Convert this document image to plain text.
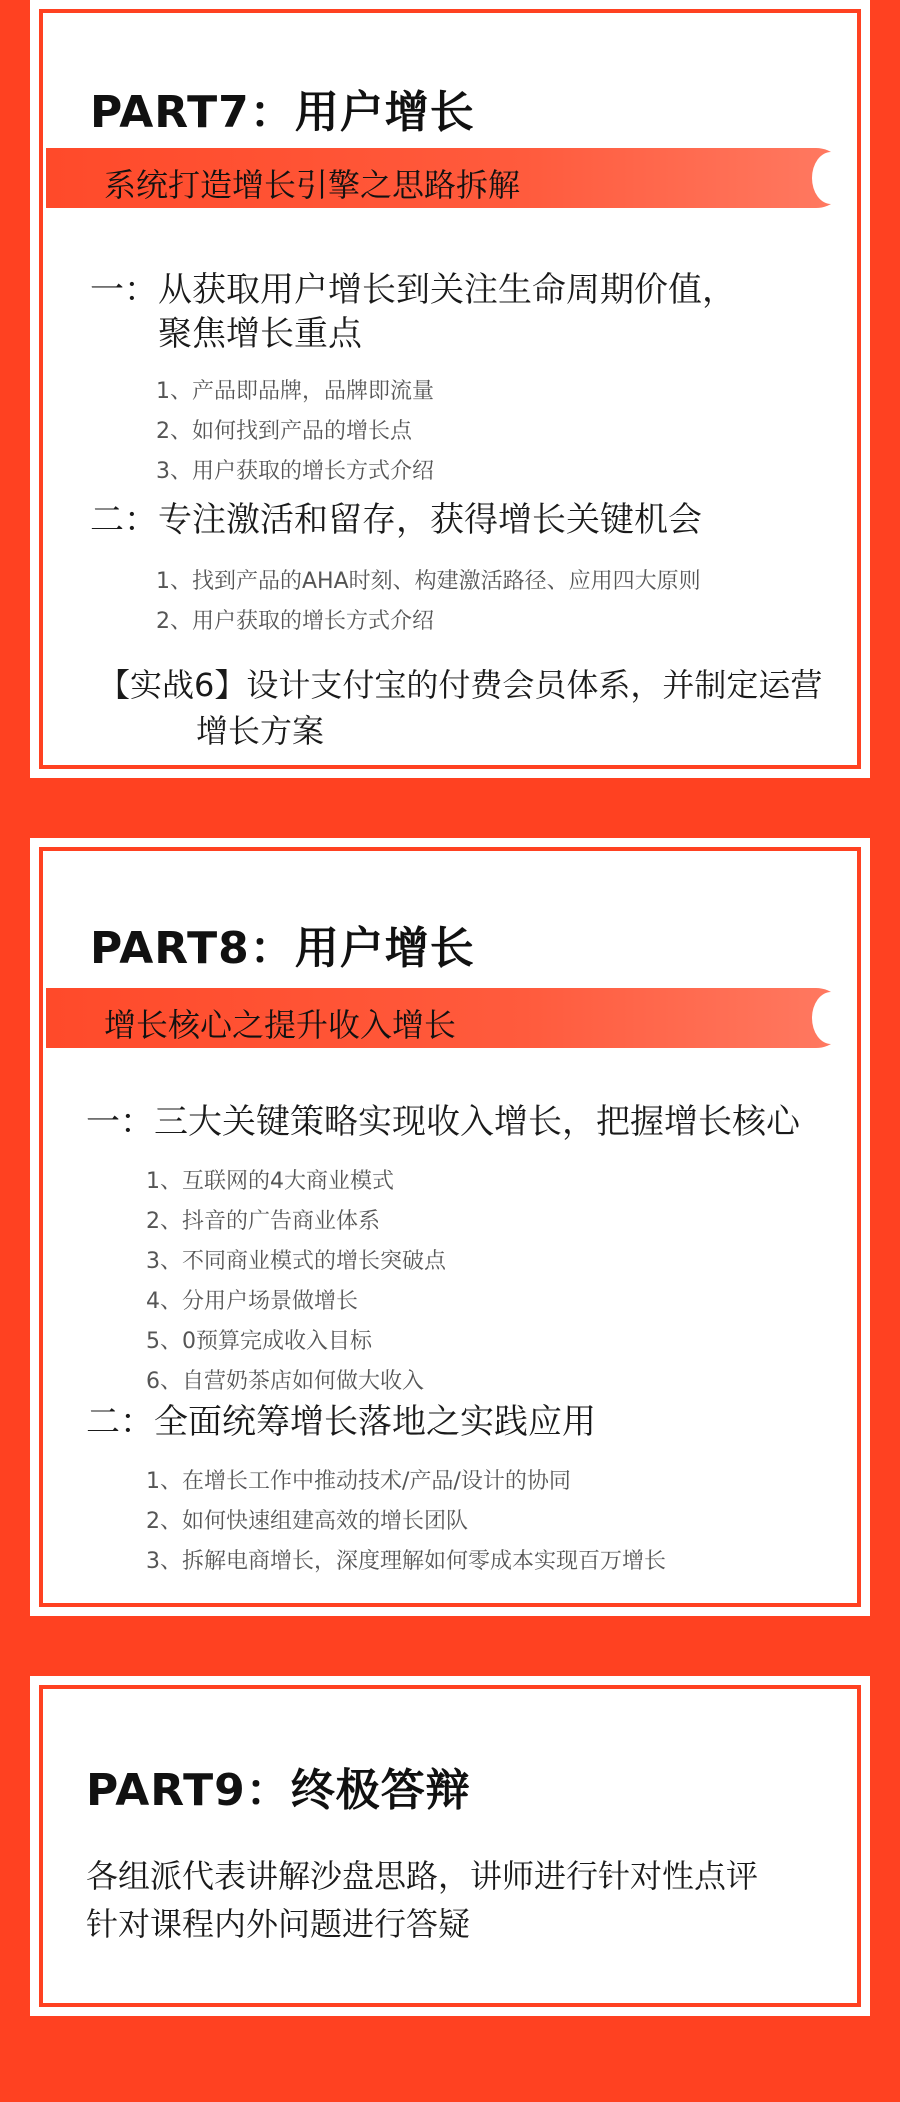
PART7：用户增长
系统打造增长引擎之思路拆解

一：从获取用户增长到关注生命周期价值，

聚焦增长重点

1、产品即品牌，品牌即流量

2、如何找到产品的增长点

3、用户获取的增长方式介绍

二：专注激活和留存，获得增长关键机会

1、找到产品的AHA时刻、构建激活路径、应用四大原则

2、用户获取的增长方式介绍

【实战6】设计支付宝的付费会员体系，并制定运营

增长方案

PART8：用户增长
增长核心之提升收入增长

一：三大关键策略实现收入增长，把握增长核心

1、互联网的4大商业模式

2、抖音的广告商业体系

3、不同商业模式的增长突破点

4、分用户场景做增长

5、0预算完成收入目标

6、自营奶茶店如何做大收入

二：全面统筹增长落地之实践应用

1、在增长工作中推动技术/产品/设计的协同

2、如何快速组建高效的增长团队

3、拆解电商增长，深度理解如何零成本实现百万增长

PART9：终极答辩

各组派代表讲解沙盘思路，讲师进行针对性点评

针对课程内外问题进行答疑
